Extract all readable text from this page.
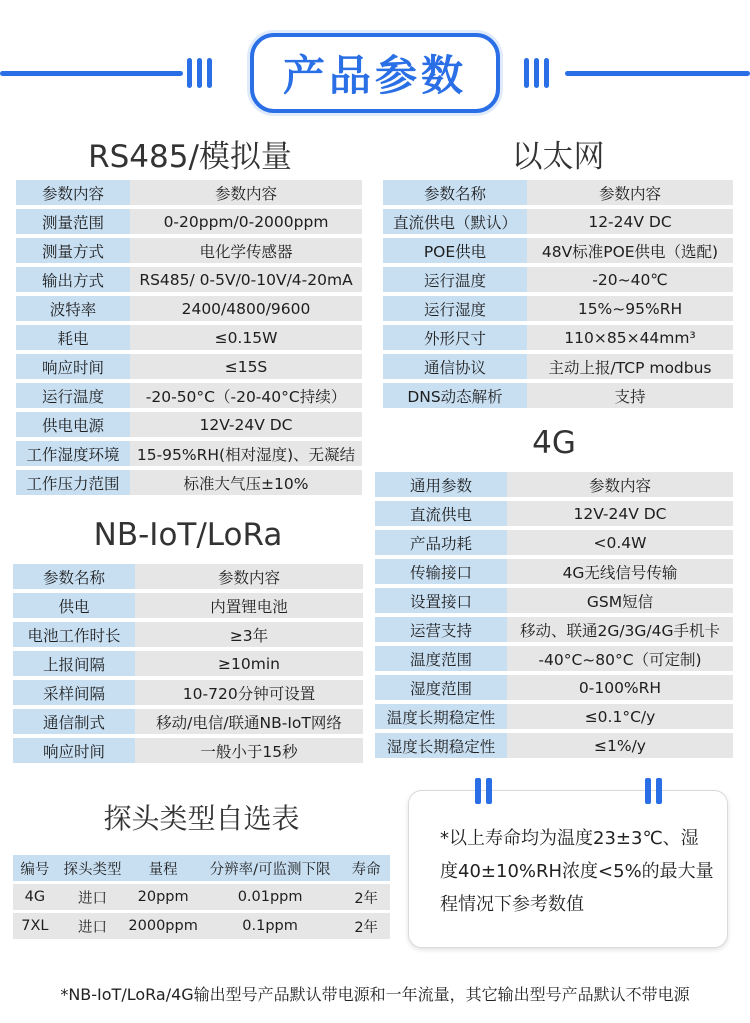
产品参数
RS485/模拟量
参数内容	参数内容
测量范围	0-20ppm/0-2000ppm
测量方式	电化学传感器
输出方式	RS485/ 0-5V/0-10V/4-20mA
波特率	2400/4800/9600
耗电	≤0.15W
响应时间	≤15S
运行温度	-20-50°C（-20-40°C持续）
供电电源	12V-24V DC
工作湿度环境	15-95%RH(相对湿度)、无凝结
工作压力范围	标准大气压±10%
以太网
参数名称	参数内容
直流供电（默认）	12-24V DC
POE供电	48V标准POE供电（选配)
运行温度	-20~40℃
运行湿度	15%~95%RH
外形尺寸	110×85×44mm³
通信协议	主动上报/TCP modbus
DNS动态解析	支持
4G
通用参数	参数内容
直流供电	12V-24V DC
产品功耗	<0.4W
传输接口	4G无线信号传输
设置接口	GSM短信
运营支持	移动、联通2G/3G/4G手机卡
温度范围	-40°C~80°C（可定制)
湿度范围	0-100%RH
温度长期稳定性	≤0.1°C/y
湿度长期稳定性	≤1%/y
NB-IoT/LoRa
参数名称	参数内容
供电	内置锂电池
电池工作时长	≥3年
上报间隔	≥10min
采样间隔	10-720分钟可设置
通信制式	移动/电信/联通NB-IoT网络
响应时间	一般小于15秒
探头类型自选表
编号	探头类型	量程	分辨率/可监测下限	寿命
4G	进口	20ppm	0.01ppm	2年
7XL	进口	2000ppm	0.1ppm	2年
*以上寿命均为温度23±3℃、湿度40±10%RH浓度<5%的最大量程情况下参考数值
*NB-IoT/LoRa/4G输出型号产品默认带电源和一年流量，其它输出型号产品默认不带电源
